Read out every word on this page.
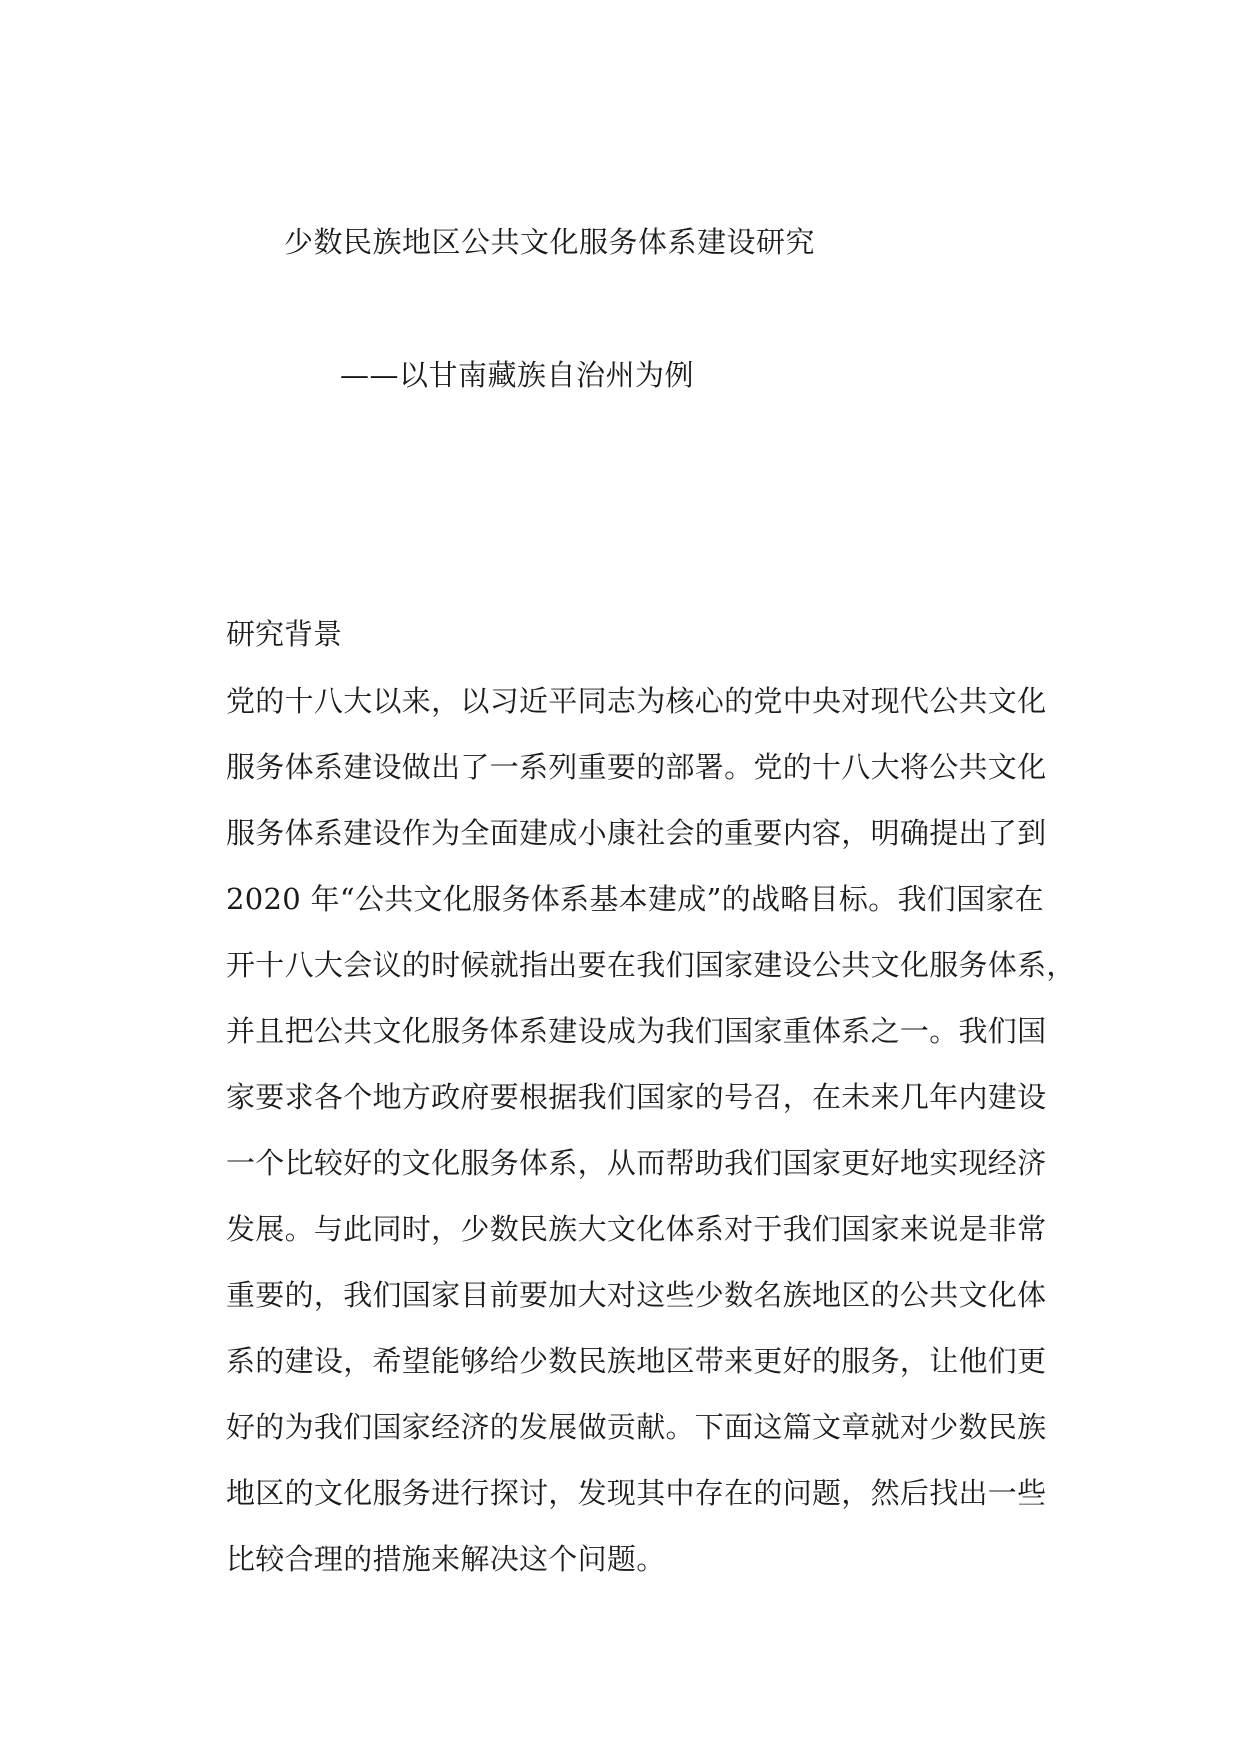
少数民族地区公共文化服务体系建设研究
——以甘南藏族自治州为例
研究背景
党的十八大以来，以习近平同志为核心的党中央对现代公共文化
服务体系建设做出了一系列重要的部署。党的十八大将公共文化
服务体系建设作为全面建成小康社会的重要内容，明确提出了到
2020 年“公共文化服务体系基本建成”的战略目标。我们国家在
开十八大会议的时候就指出要在我们国家建设公共文化服务体系，
并且把公共文化服务体系建设成为我们国家重体系之一。我们国
家要求各个地方政府要根据我们国家的号召，在未来几年内建设
一个比较好的文化服务体系，从而帮助我们国家更好地实现经济
发展。与此同时，少数民族大文化体系对于我们国家来说是非常
重要的，我们国家目前要加大对这些少数名族地区的公共文化体
系的建设，希望能够给少数民族地区带来更好的服务，让他们更
好的为我们国家经济的发展做贡献。下面这篇文章就对少数民族
地区的文化服务进行探讨，发现其中存在的问题，然后找出一些
比较合理的措施来解决这个问题。
